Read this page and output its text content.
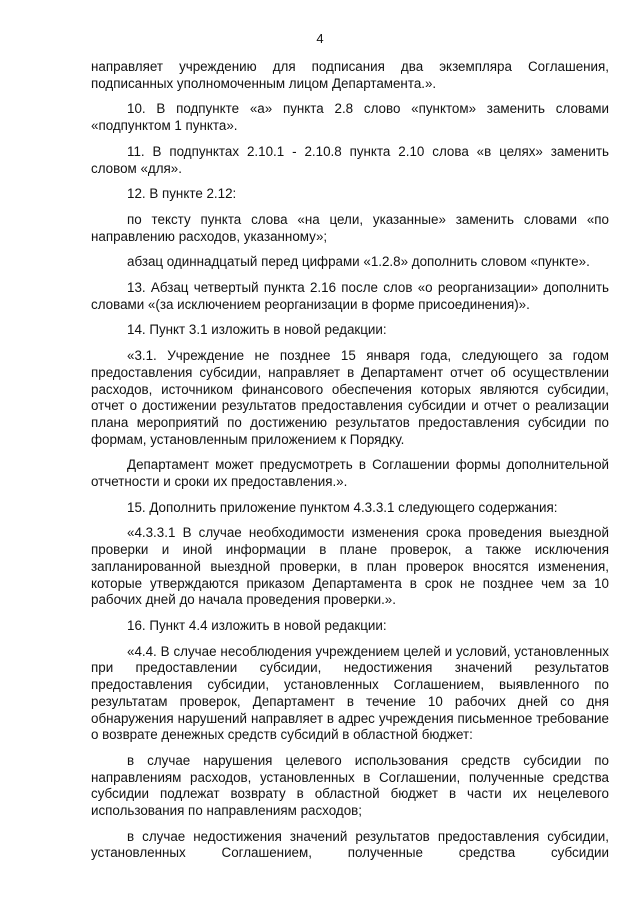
4

направляет учреждению для подписания два экземпляра Соглашения, подписанных уполномоченным лицом Департамента.».

10. В подпункте «а» пункта 2.8 слово «пунктом» заменить словами «подпунктом 1 пункта».

11. В подпунктах 2.10.1 - 2.10.8 пункта 2.10 слова «в целях» заменить словом «для».

12. В пункте 2.12:

по тексту пункта слова «на цели, указанные» заменить словами «по направлению расходов, указанному»;

абзац одиннадцатый перед цифрами «1.2.8» дополнить словом «пункте».

13. Абзац четвертый пункта 2.16 после слов «о реорганизации» дополнить словами «(за исключением реорганизации в форме присоединения)».

14. Пункт 3.1 изложить в новой редакции:

«3.1. Учреждение не позднее 15 января года, следующего за годом предоставления субсидии, направляет в Департамент отчет об осуществлении расходов, источником финансового обеспечения которых являются субсидии, отчет о достижении результатов предоставления субсидии и отчет о реализации плана мероприятий по достижению результатов предоставления субсидии по формам, установленным приложением к Порядку.

Департамент может предусмотреть в Соглашении формы дополнительной отчетности и сроки их предоставления.».

15. Дополнить приложение пунктом 4.3.3.1 следующего содержания:

«4.3.3.1 В случае необходимости изменения срока проведения выездной проверки и иной информации в плане проверок, а также исключения запланированной выездной проверки, в план проверок вносятся изменения, которые утверждаются приказом Департамента в срок не позднее чем за 10 рабочих дней до начала проведения проверки.».

16. Пункт 4.4 изложить в новой редакции:

«4.4. В случае несоблюдения учреждением целей и условий, установленных при предоставлении субсидии, недостижения значений результатов предоставления субсидии, установленных Соглашением, выявленного по результатам проверок, Департамент в течение 10 рабочих дней со дня обнаружения нарушений направляет в адрес учреждения письменное требование о возврате денежных средств субсидий в областной бюджет:

в случае нарушения целевого использования средств субсидии по направлениям расходов, установленных в Соглашении, полученные средства субсидии подлежат возврату в областной бюджет в части их нецелевого использования по направлениям расходов;

в случае недостижения значений результатов предоставления субсидии, установленных Соглашением, полученные средства субсидии
